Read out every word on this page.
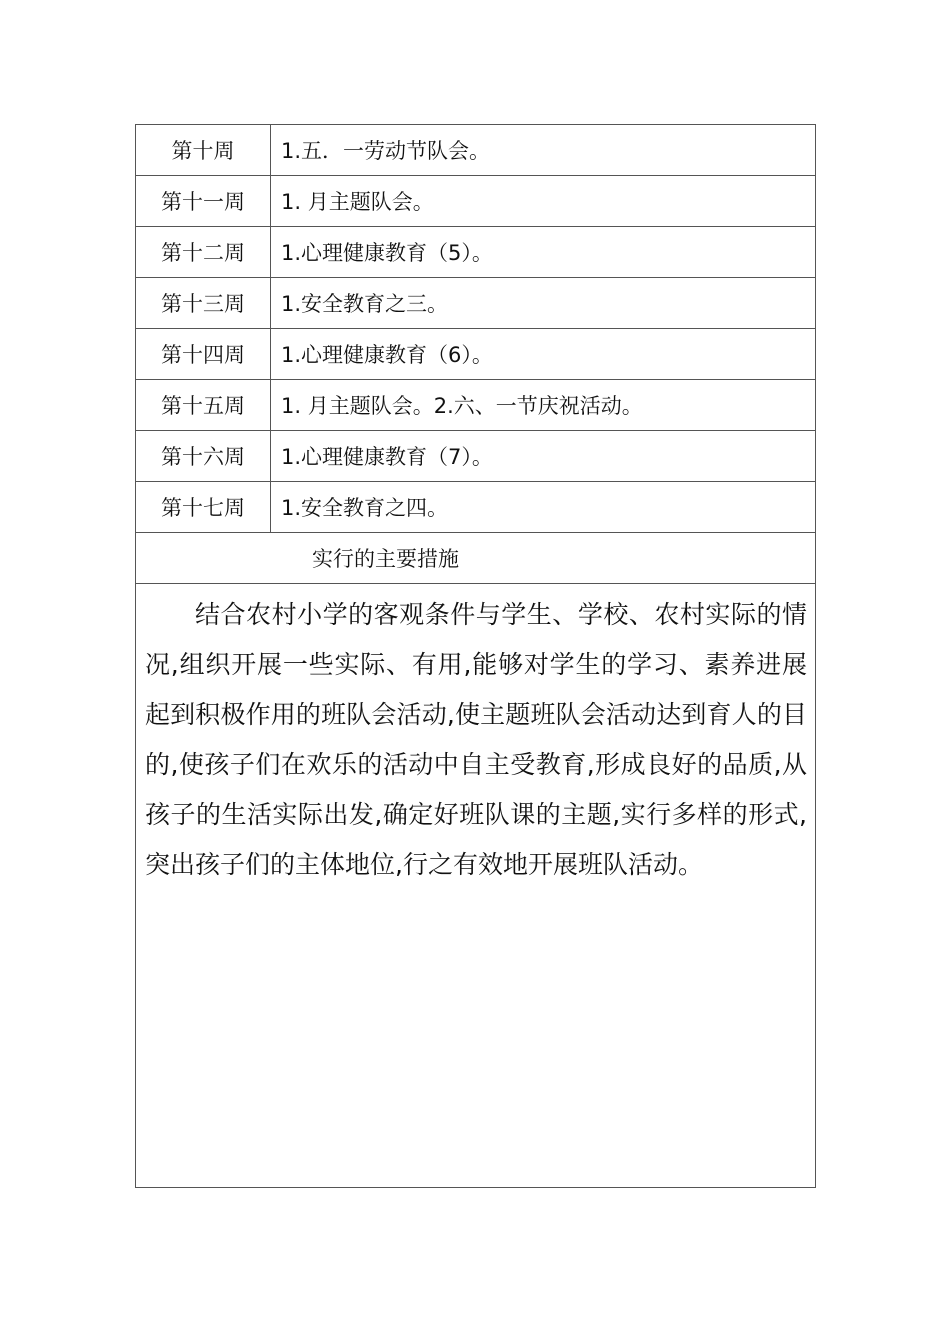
第十周	1.五．一劳动节队会。
第十一周	1. 月主题队会。
第十二周	1.心理健康教育（5）。
第十三周	1.安全教育之三。
第十四周	1.心理健康教育（6）。
第十五周	1. 月主题队会。2.六、一节庆祝活动。
第十六周	1.心理健康教育（7）。
第十七周	1.安全教育之四。
实行的主要措施	

结合农村小学的客观条件与学生、学校、农村实际的情况,组织开展一些实际、有用,能够对学生的学习、素养进展起到积极作用的班队会活动,使主题班队会活动达到育人的目的,使孩子们在欢乐的活动中自主受教育,形成良好的品质,从孩子的生活实际出发,确定好班队课的主题,实行多样的形式,突出孩子们的主体地位,行之有效地开展班队活动。	
